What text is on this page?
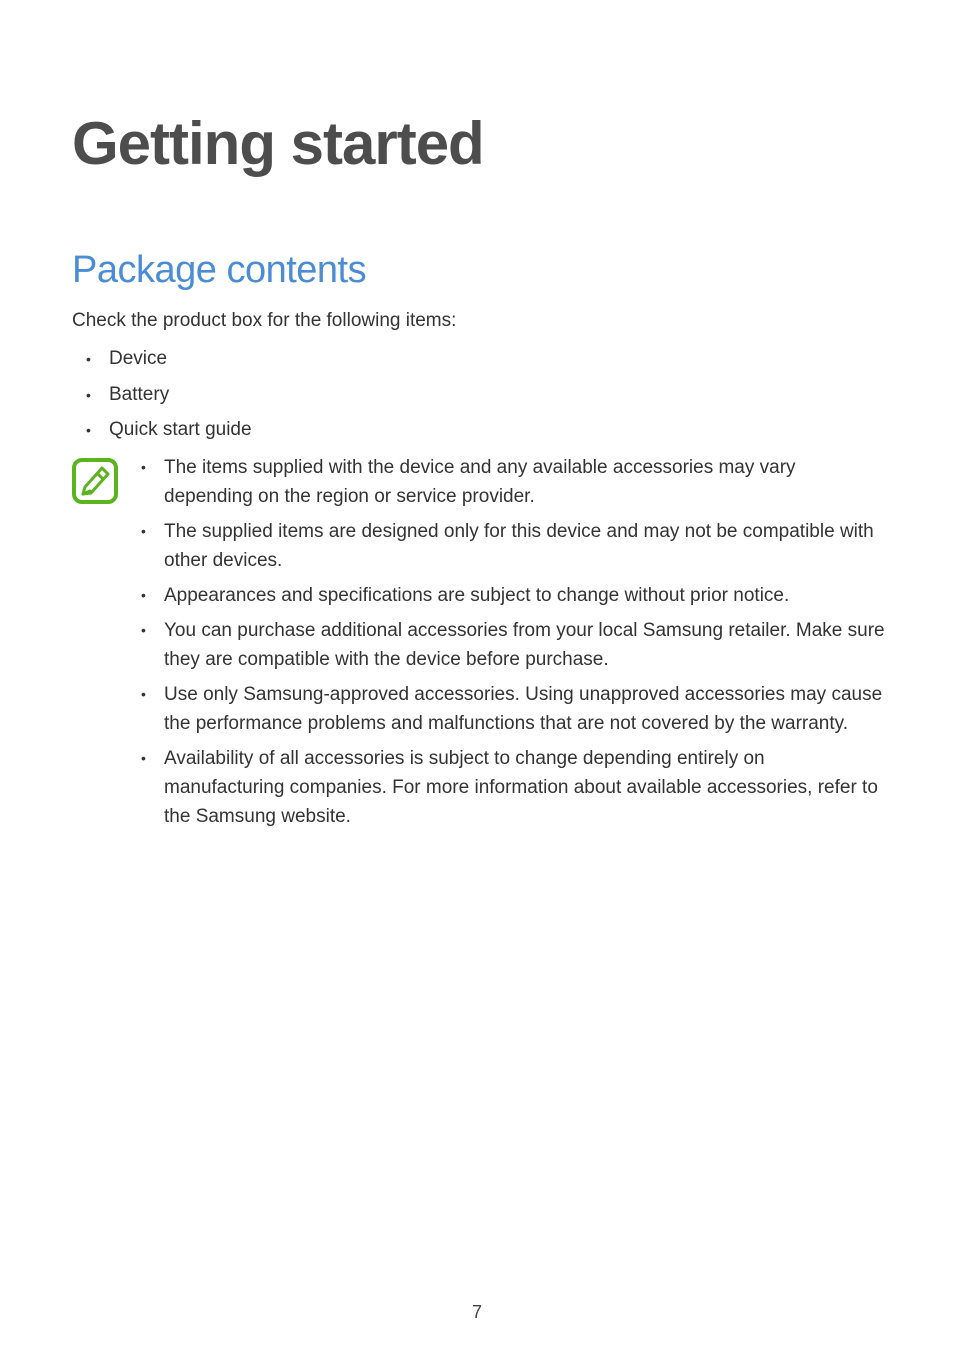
Getting started
Package contents

Check the product box for the following items:

• Device
• Battery
• Quick start guide
• The items supplied with the device and any available accessories may vary depending on the region or service provider.
• The supplied items are designed only for this device and may not be compatible with other devices.
• Appearances and specifications are subject to change without prior notice.
• You can purchase additional accessories from your local Samsung retailer. Make sure they are compatible with the device before purchase.
• Use only Samsung-approved accessories. Using unapproved accessories may cause the performance problems and malfunctions that are not covered by the warranty.
• Availability of all accessories is subject to change depending entirely on manufacturing companies. For more information about available accessories, refer to the Samsung website.
7
